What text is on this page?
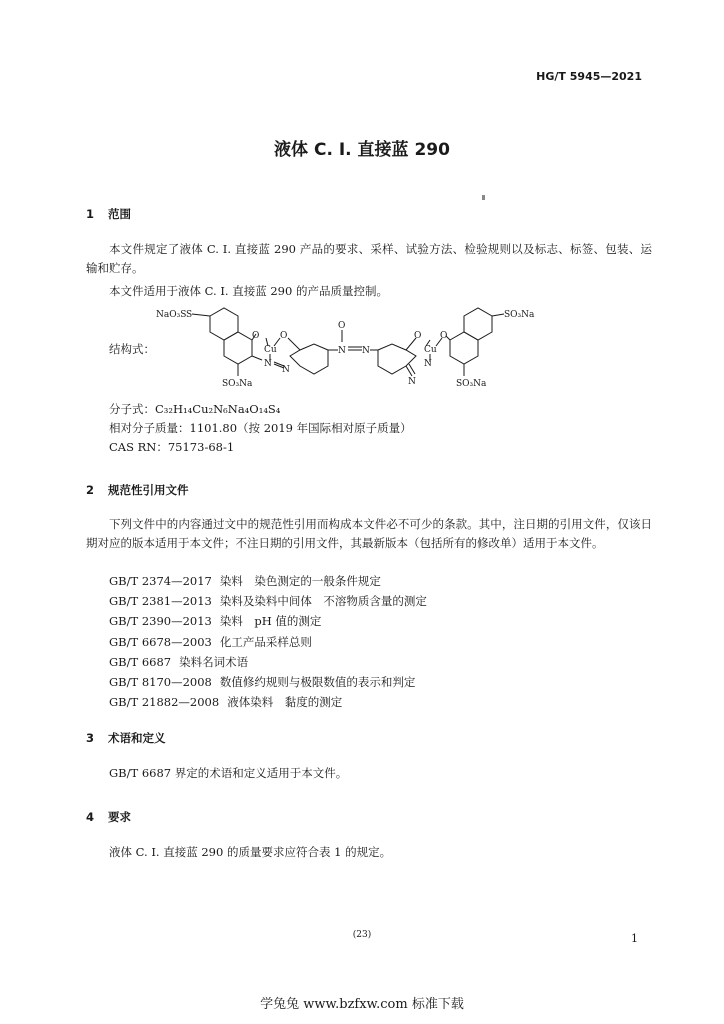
HG/T 5945—2021
液体 C. I. 直接蓝 290
1 范围
本文件规定了液体 C. I. 直接蓝 290 产品的要求、采样、试验方法、检验规则以及标志、标签、包装、运输和贮存。
本文件适用于液体 C. I. 直接蓝 290 的产品质量控制。
结构式：
NaO₃S S
O
Cu
O
N
N
SO₃Na
O
N N
O
Cu
O
N
N
SO₃Na
SO₃Na
分子式：C₃₂H₁₄Cu₂N₆Na₄O₁₄S₄
相对分子质量：1101.80（按 2019 年国际相对原子质量）
CAS RN：75173-68-1
2 规范性引用文件
下列文件中的内容通过文中的规范性引用而构成本文件必不可少的条款。其中，注日期的引用文件，仅该日期对应的版本适用于本文件；不注日期的引用文件，其最新版本（包括所有的修改单）适用于本文件。
GB/T 2374—2017 染料　染色测定的一般条件规定
GB/T 2381—2013 染料及染料中间体　不溶物质含量的测定
GB/T 2390—2013 染料　pH 值的测定
GB/T 6678—2003 化工产品采样总则
GB/T 6687 染料名词术语
GB/T 8170—2008 数值修约规则与极限数值的表示和判定
GB/T 21882—2008 液体染料　黏度的测定
3 术语和定义
GB/T 6687 界定的术语和定义适用于本文件。
4 要求
液体 C. I. 直接蓝 290 的质量要求应符合表 1 的规定。
(23)	1
学兔兔 www.bzfxw.com 标准下载
